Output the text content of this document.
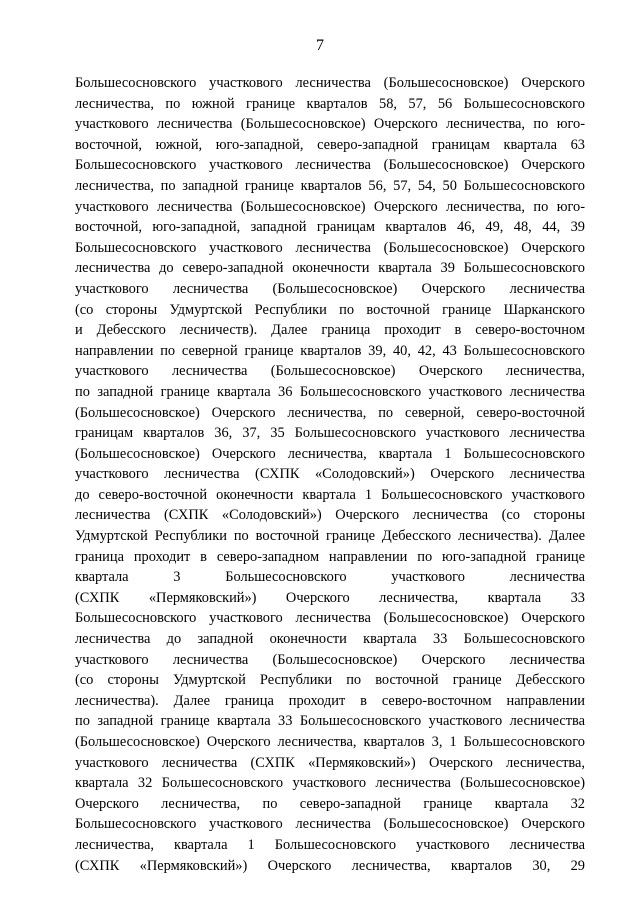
7
Большесосновского участкового лесничества (Большесосновское) Очерского
лесничества, по южной границе кварталов 58, 57, 56 Большесосновского
участкового лесничества (Большесосновское) Очерского лесничества, по юго-
восточной, южной, юго-западной, северо-западной границам квартала 63
Большесосновского участкового лесничества (Большесосновское) Очерского
лесничества, по западной границе кварталов 56, 57, 54, 50 Большесосновского
участкового лесничества (Большесосновское) Очерского лесничества, по юго-
восточной, юго-западной, западной границам кварталов 46, 49, 48, 44, 39
Большесосновского участкового лесничества (Большесосновское) Очерского
лесничества до северо-западной оконечности квартала 39 Большесосновского
участкового лесничества (Большесосновское) Очерского лесничества
(со стороны Удмуртской Республики по восточной границе Шарканского
и Дебесского лесничеств). Далее граница проходит в северо-восточном
направлении по северной границе кварталов 39, 40, 42, 43 Большесосновского
участкового лесничества (Большесосновское) Очерского лесничества,
по западной границе квартала 36 Большесосновского участкового лесничества
(Большесосновское) Очерского лесничества, по северной, северо-восточной
границам кварталов 36, 37, 35 Большесосновского участкового лесничества
(Большесосновское) Очерского лесничества, квартала 1 Большесосновского
участкового лесничества (СХПК «Солодовский») Очерского лесничества
до северо-восточной оконечности квартала 1 Большесосновского участкового
лесничества (СХПК «Солодовский») Очерского лесничества (со стороны
Удмуртской Республики по восточной границе Дебесского лесничества). Далее
граница проходит в северо-западном направлении по юго-западной границе
квартала 3 Большесосновского участкового лесничества
(СХПК «Пермяковский») Очерского лесничества, квартала 33
Большесосновского участкового лесничества (Большесосновское) Очерского
лесничества до западной оконечности квартала 33 Большесосновского
участкового лесничества (Большесосновское) Очерского лесничества
(со стороны Удмуртской Республики по восточной границе Дебесского
лесничества). Далее граница проходит в северо-восточном направлении
по западной границе квартала 33 Большесосновского участкового лесничества
(Большесосновское) Очерского лесничества, кварталов 3, 1 Большесосновского
участкового лесничества (СХПК «Пермяковский») Очерского лесничества,
квартала 32 Большесосновского участкового лесничества (Большесосновское)
Очерского лесничества, по северо-западной границе квартала 32
Большесосновского участкового лесничества (Большесосновское) Очерского
лесничества, квартала 1 Большесосновского участкового лесничества
(СХПК «Пермяковский») Очерского лесничества, кварталов 30, 29
